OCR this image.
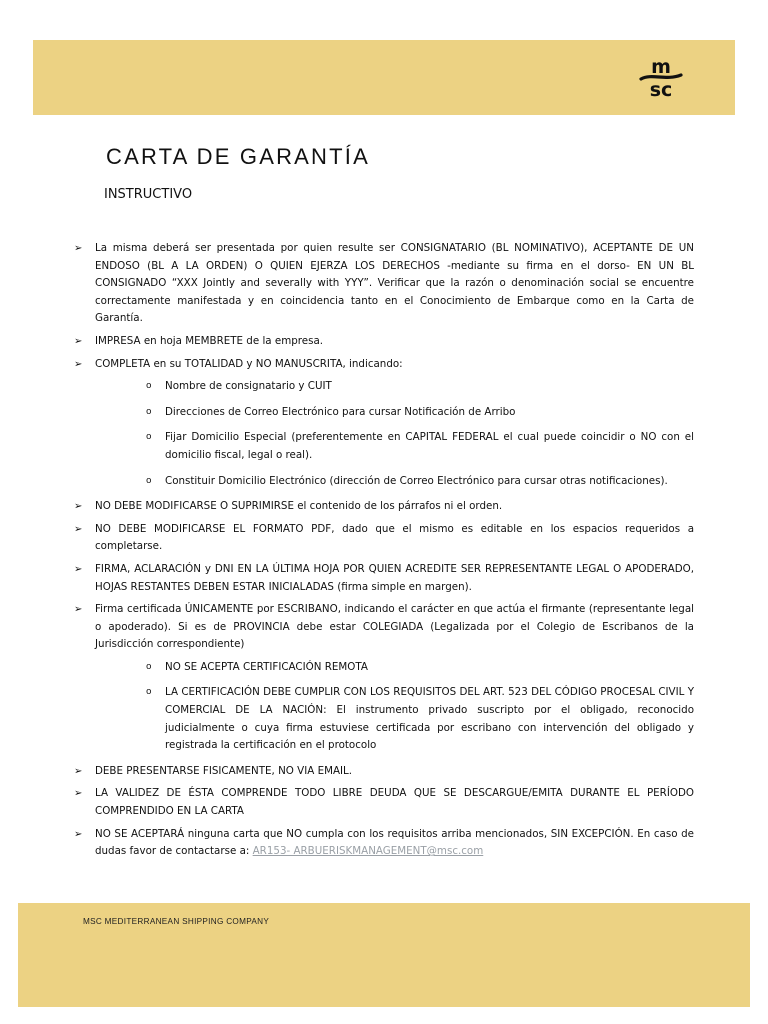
m
sc
CARTA DE GARANTÍA
INSTRUCTIVO
➢ La misma deberá ser presentada por quien resulte ser CONSIGNATARIO (BL NOMINATIVO), ACEPTANTE DE UN ENDOSO (BL A LA ORDEN) O QUIEN EJERZA LOS DERECHOS -mediante su firma en el dorso- EN UN BL CONSIGNADO “XXX Jointly and severally with YYY”. Verificar que la razón o denominación social se encuentre correctamente manifestada y en coincidencia tanto en el Conocimiento de Embarque como en la Carta de Garantía.
➢ IMPRESA en hoja MEMBRETE de la empresa.
➢ COMPLETA en su TOTALIDAD y NO MANUSCRITA, indicando:
o Nombre de consignatario y CUIT
o Direcciones de Correo Electrónico para cursar Notificación de Arribo
o Fijar Domicilio Especial (preferentemente en CAPITAL FEDERAL el cual puede coincidir o NO con el domicilio fiscal, legal o real).
o Constituir Domicilio Electrónico (dirección de Correo Electrónico para cursar otras notificaciones).
➢ NO DEBE MODIFICARSE O SUPRIMIRSE el contenido de los párrafos ni el orden.
➢ NO DEBE MODIFICARSE EL FORMATO PDF, dado que el mismo es editable en los espacios requeridos a completarse.
➢ FIRMA, ACLARACIÓN y DNI EN LA ÚLTIMA HOJA POR QUIEN ACREDITE SER REPRESENTANTE LEGAL O APODERADO, HOJAS RESTANTES DEBEN ESTAR INICIALADAS (firma simple en margen).
➢ Firma certificada ÚNICAMENTE por ESCRIBANO, indicando el carácter en que actúa el firmante (representante legal o apoderado). Si es de PROVINCIA debe estar COLEGIADA (Legalizada por el Colegio de Escribanos de la Jurisdicción correspondiente)
o NO SE ACEPTA CERTIFICACIÓN REMOTA
o LA CERTIFICACIÓN DEBE CUMPLIR CON LOS REQUISITOS DEL ART. 523 DEL CÓDIGO PROCESAL CIVIL Y COMERCIAL DE LA NACIÓN: El instrumento privado suscripto por el obligado, reconocido judicialmente o cuya firma estuviese certificada por escribano con intervención del obligado y registrada la certificación en el protocolo
➢ DEBE PRESENTARSE FISICAMENTE, NO VIA EMAIL.
➢ LA VALIDEZ DE ÉSTA COMPRENDE TODO LIBRE DEUDA QUE SE DESCARGUE/EMITA DURANTE EL PERÍODO COMPRENDIDO EN LA CARTA
➢ NO SE ACEPTARÁ ninguna carta que NO cumpla con los requisitos arriba mencionados, SIN EXCEPCIÓN. En caso de dudas favor de contactarse a: AR153- ARBUERISKMANAGEMENT@msc.com
MSC MEDITERRANEAN SHIPPING COMPANY
